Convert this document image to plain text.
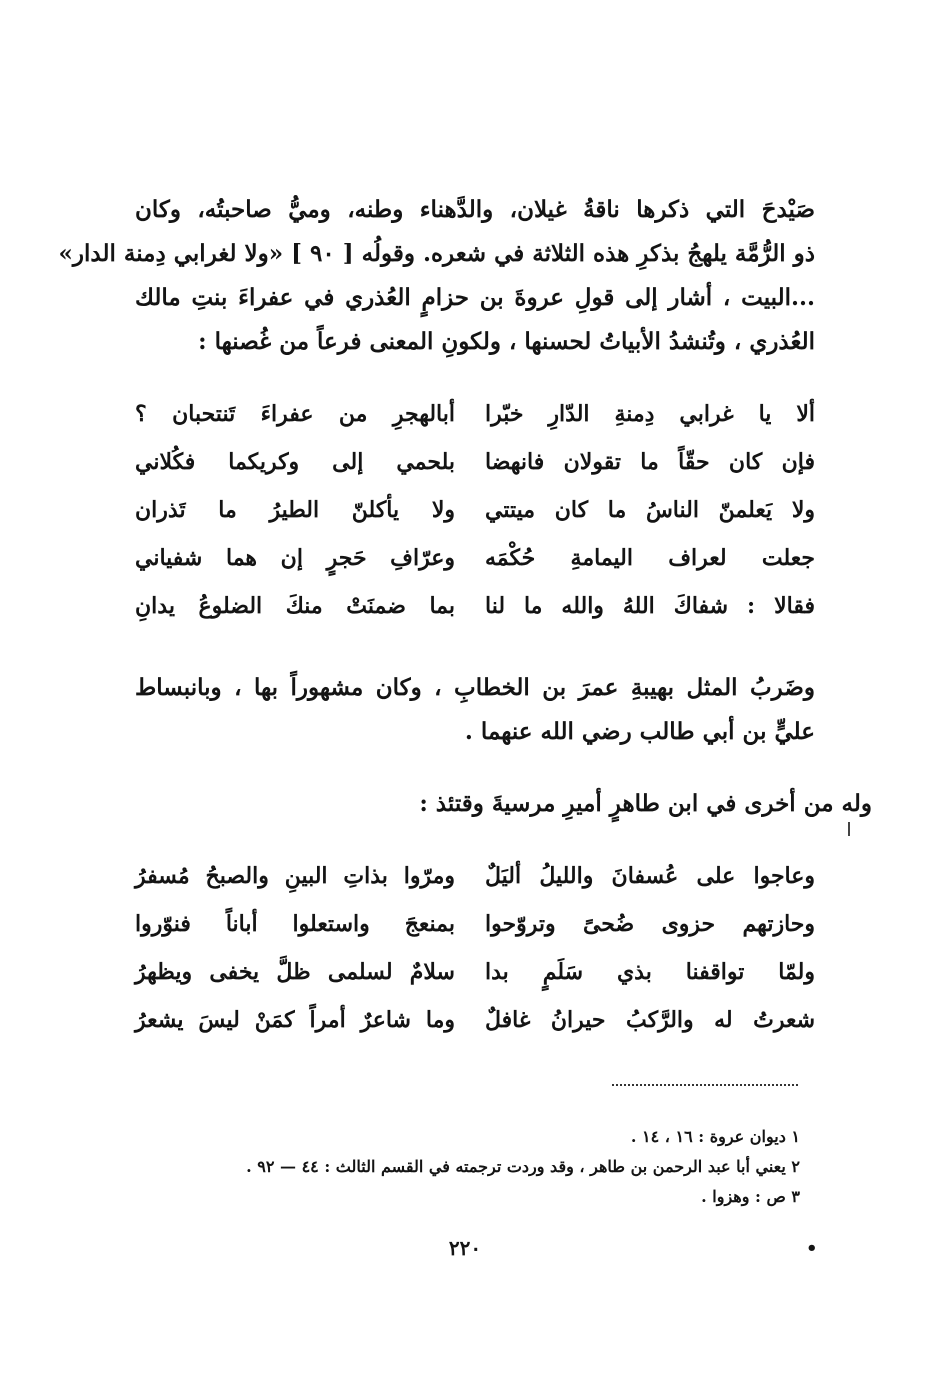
صَيْدحَ التي ذكرها ناقةُ غيلان، والدَّهناء وطنه، وميُّ صاحبتُه، وكان
ذو الرُّمَّة يلهجُ بذكرِ هذه الثلاثة في شعره. وقولُه [ ٩٠ ] «ولا لغرابي دِمنة الدار»
...البيت ، أشار إلى قولِ عروةَ بن حزامٍ العُذري في عفراءَ بنتِ مالك
العُذري ، وتُنشدُ الأبياتُ لحسنها ، ولكونِ المعنى فرعاً من غُصنها :
ألا يا غرابي دِمنةِ الدّارِ خبّرا
أبالهجرِ من عفراءَ تَنتحبان ؟
فإن كان حقّاً ما تقولان فانهضا
بلحمي إلى وكريكما فكُلاني
ولا يَعلمنّ الناسُ ما كان ميتتي
ولا يأكلنّ الطيرُ ما تَذران
جعلت لعراف اليمامةِ حُكْمَه
وعرّافِ حَجرٍ إن هما شفياني
فقالا : شفاكَ اللهُ والله ما لنا
بما ضمنَتْ منكَ الضلوعُ يدانِ
وضَربُ المثل بهيبةِ عمرَ بن الخطابِ ، وكان مشهوراً بها ، وبانبساط
عليٍّ بن أبي طالب رضي الله عنهما .
وله من أخرى في ابن طاهرٍ أميرِ مرسيةَ وقتئذ :
وعاجوا على عُسفانَ والليلُ أليَلٌ
ومرّوا بذاتِ البينِ والصبحُ مُسفرُ
وحازتهم حزوى ضُحىً وتروّحوا
بمنعجَ واستعلوا أباناً فنوّروا
ولمّا تواقفنا بذي سَلَمٍ بدا
سلامٌ لسلمى ظلَّ يخفى ويظهرُ
شعرتُ له والرَّكبُ حيرانُ غافلٌ
وما شاعرٌ أمراً كمَنْ ليسَ يشعرُ
١ ديوان عروة : ١٦ ، ١٤ .
٢ يعني أبا عبد الرحمن بن طاهر ، وقد وردت ترجمته في القسم الثالث : ٤٤ — ٩٢ .
٣ ص : وهزوا .
٢٢٠	•
